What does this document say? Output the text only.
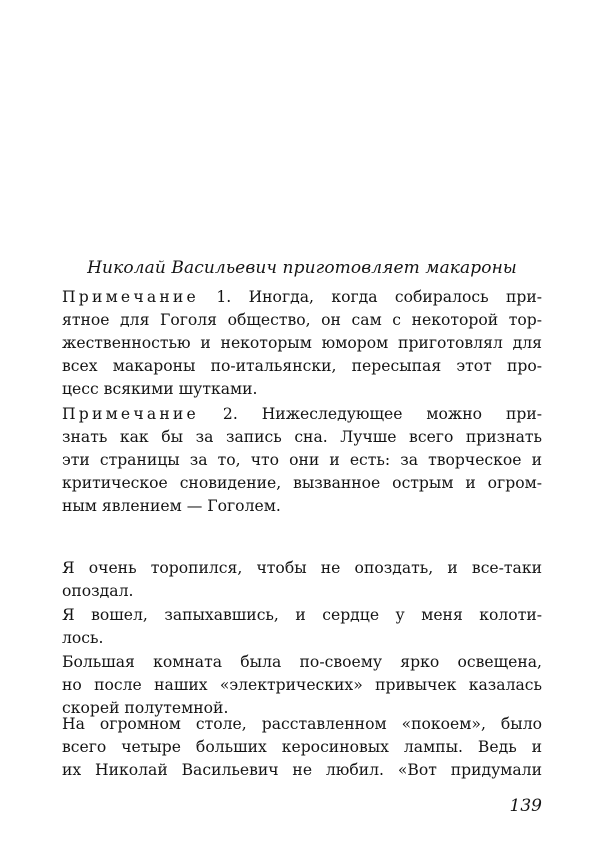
Николай Васильевич приготовляет макароны
Примечание 1. Иногда, когда собиралось при-
ятное для Гоголя общество, он сам с некоторой тор-
жественностью и некоторым юмором приготовлял для
всех макароны по-итальянски, пересыпая этот про-
цесс всякими шутками.
Примечание 2. Нижеследующее можно при-
знать как бы за запись сна. Лучше всего признать
эти страницы за то, что они и есть: за творческое и
критическое сновидение, вызванное острым и огром-
ным явлением — Гоголем.
Я очень торопился, чтобы не опоздать, и все-таки
опоздал.
Я вошел, запыхавшись, и сердце у меня колоти-
лось.
Большая комната была по-своему ярко освещена,
но после наших «электрических» привычек казалась
скорей полутемной.
На огромном столе, расставленном «покоем», было
всего четыре больших керосиновых лампы. Ведь и
их Николай Васильевич не любил. «Вот придумали
139
